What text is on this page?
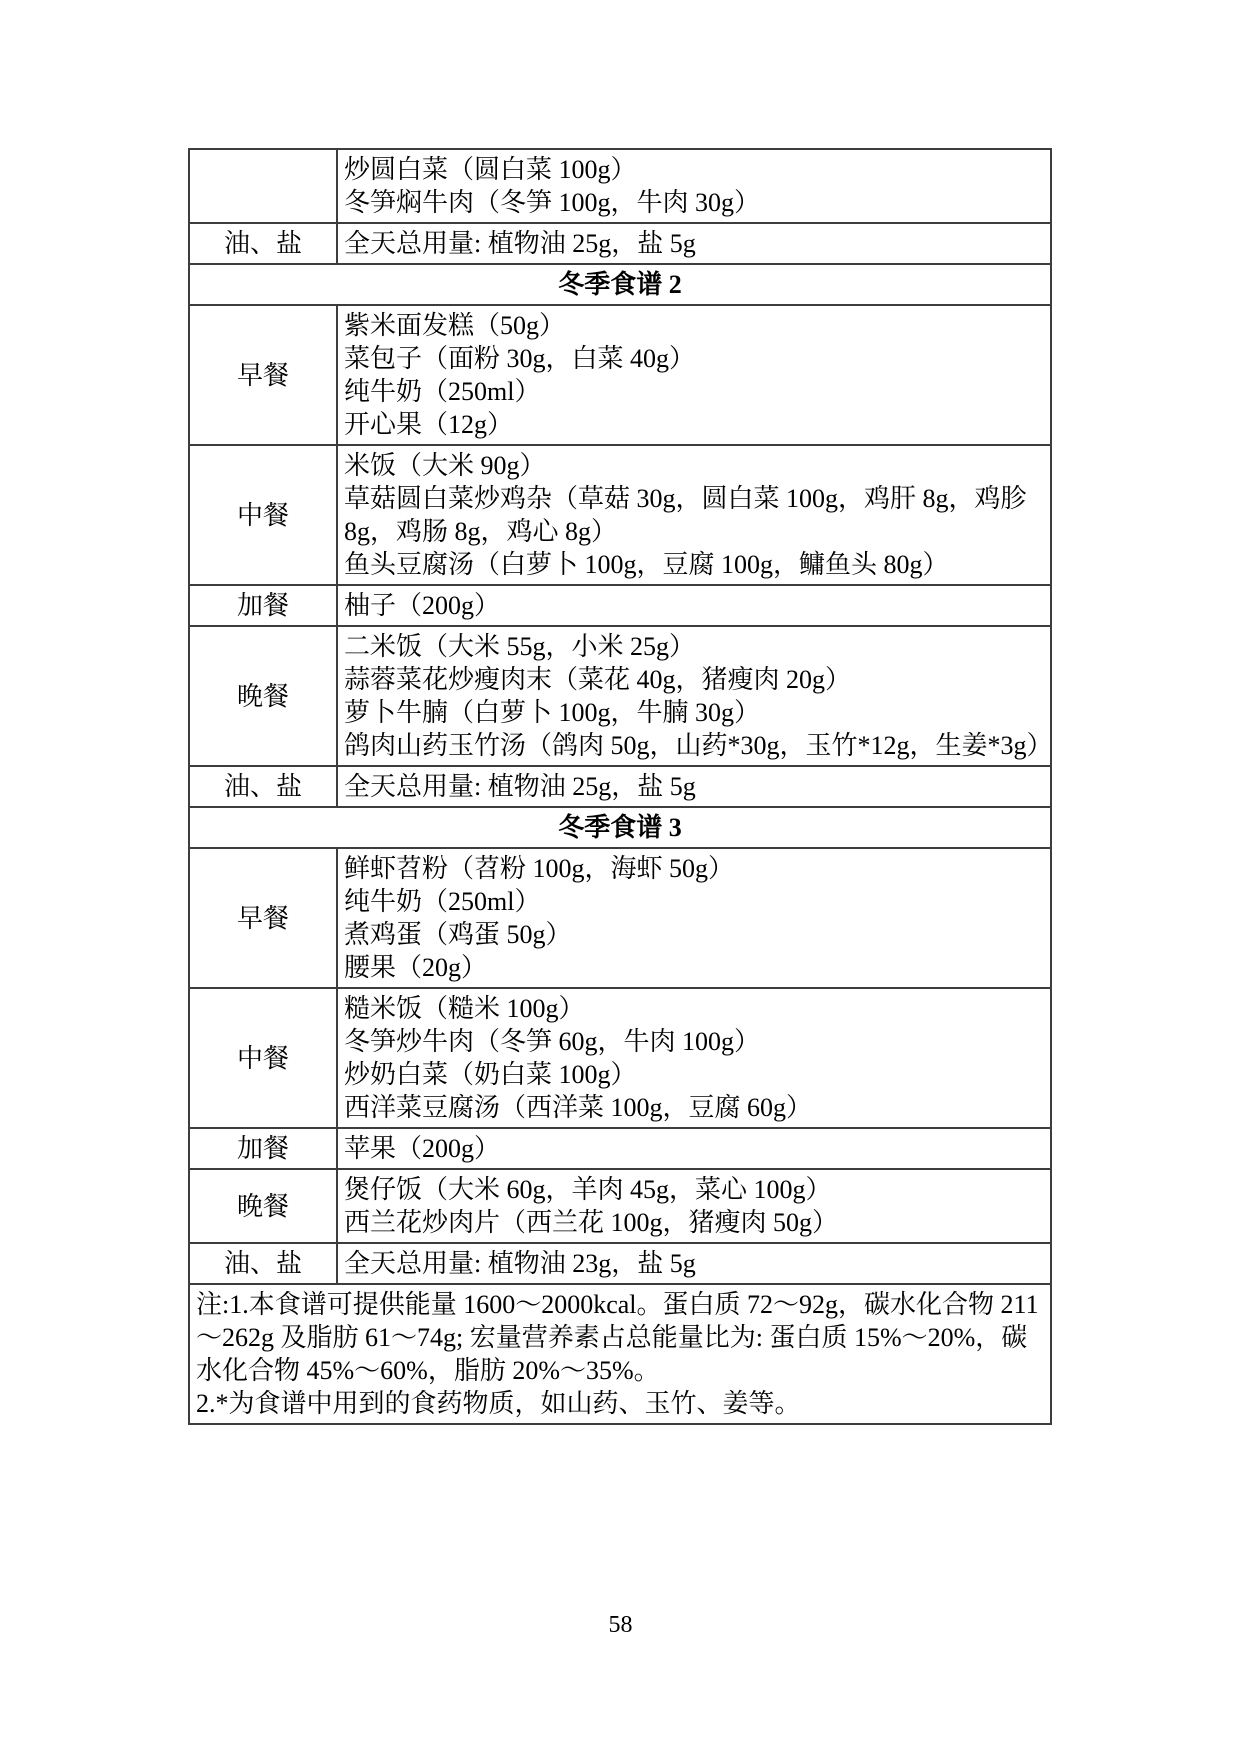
	炒圆白菜（圆白菜 100g）
冬笋焖牛肉（冬笋 100g，牛肉 30g）

油、盐	全天总用量: 植物油 25g，盐 5g

冬季食谱 2	
早餐	紫米面发糕（50g）
菜包子（面粉 30g，白菜 40g）
纯牛奶（250ml）
开心果（12g）

中餐	米饭（大米 90g）
草菇圆白菜炒鸡杂（草菇 30g，圆白菜 100g，鸡肝 8g，鸡胗 8g，鸡肠 8g，鸡心 8g）
鱼头豆腐汤（白萝卜 100g，豆腐 100g，鳙鱼头 80g）

加餐	柚子（200g）

晚餐	二米饭（大米 55g，小米 25g）
蒜蓉菜花炒瘦肉末（菜花 40g，猪瘦肉 20g）
萝卜牛腩（白萝卜 100g，牛腩 30g）
鸽肉山药玉竹汤（鸽肉 50g，山药*30g，玉竹*12g，生姜*3g）

油、盐	全天总用量: 植物油 25g，盐 5g

冬季食谱 3	
早餐	鲜虾苕粉（苕粉 100g，海虾 50g）
纯牛奶（250ml）
煮鸡蛋（鸡蛋 50g）
腰果（20g）

中餐	糙米饭（糙米 100g）
冬笋炒牛肉（冬笋 60g，牛肉 100g）
炒奶白菜（奶白菜 100g）
西洋菜豆腐汤（西洋菜 100g，豆腐 60g）

加餐	苹果（200g）

晚餐	煲仔饭（大米 60g，羊肉 45g，菜心 100g）
西兰花炒肉片（西兰花 100g，猪瘦肉 50g）

油、盐	全天总用量: 植物油 23g，盐 5g

注:1.本食谱可提供能量 1600～2000kcal。蛋白质 72～92g，碳水化合物 211～262g 及脂肪 61～74g; 宏量营养素占总能量比为: 蛋白质 15%～20%，碳水化合物 45%～60%，脂肪 20%～35%。
2.*为食谱中用到的食药物质，如山药、玉竹、姜等。	
58
